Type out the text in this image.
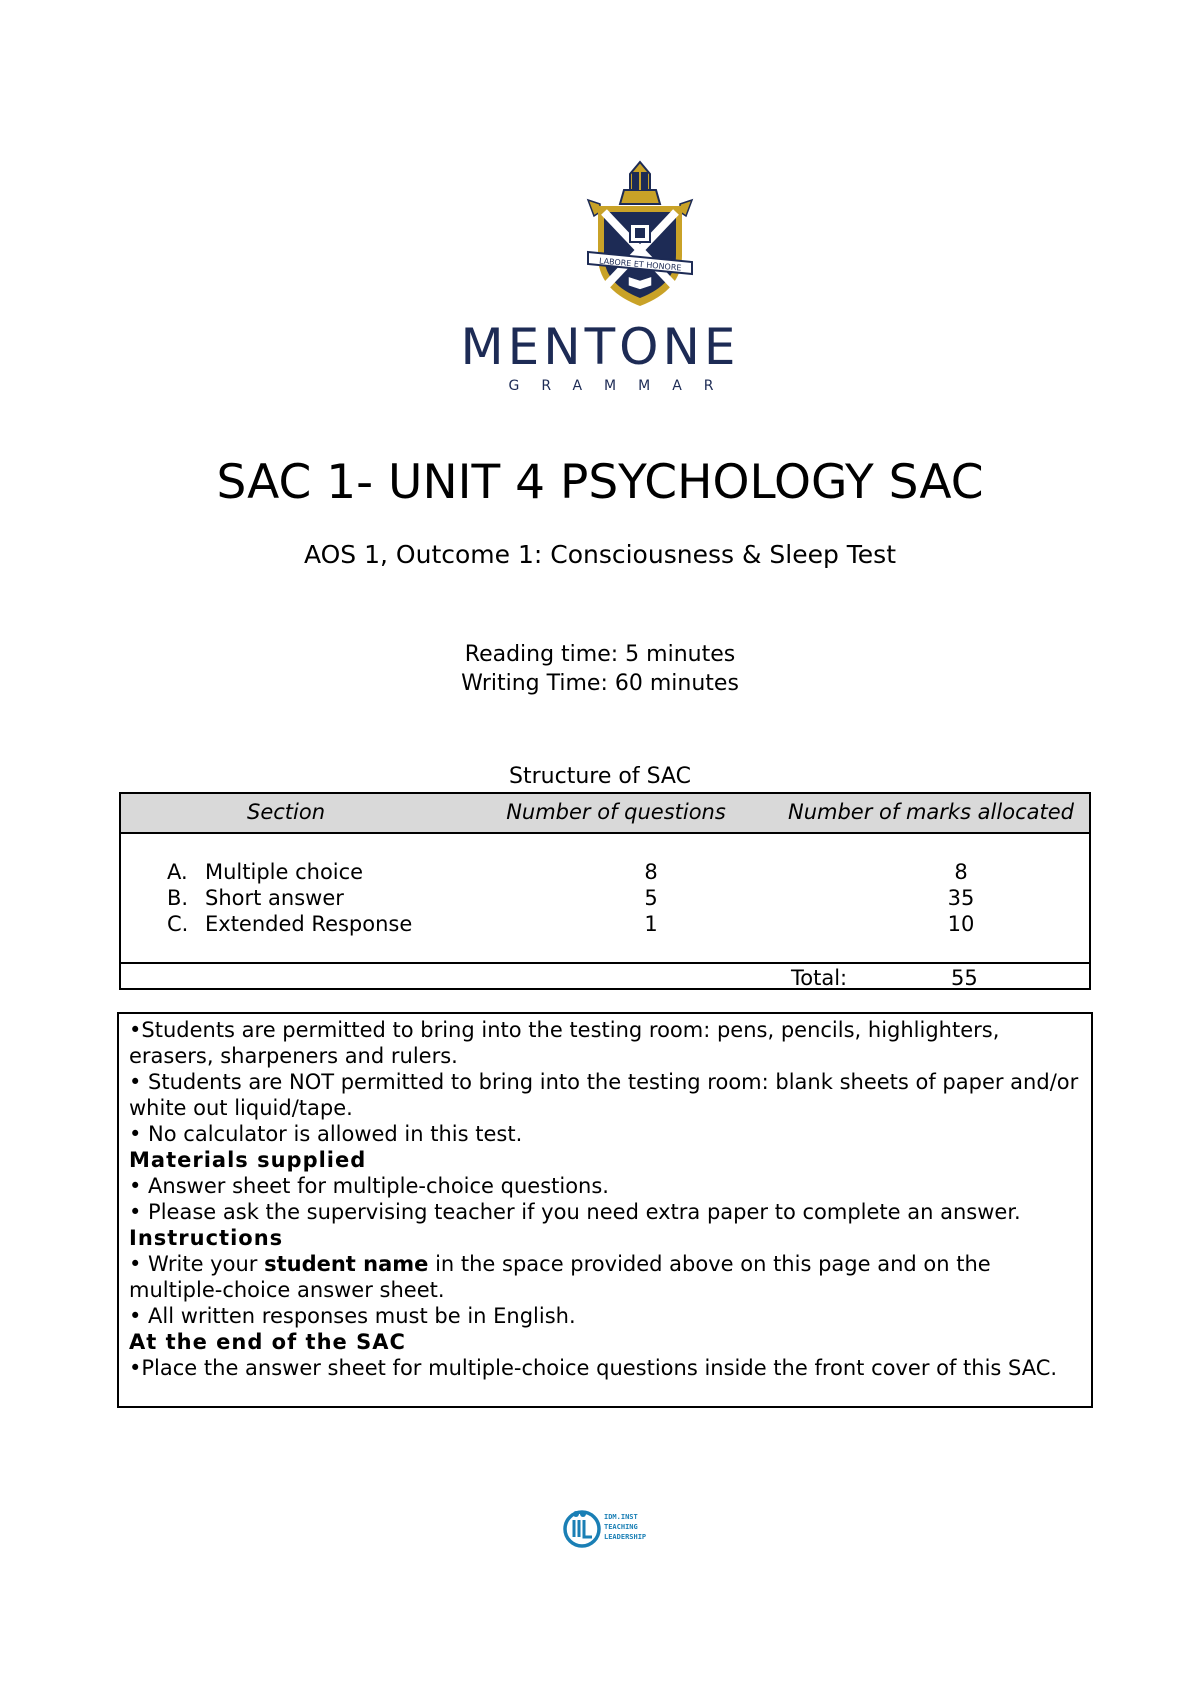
LABORE ET HONORE
MENTONE
GRAMMAR
SAC 1- UNIT 4 PSYCHOLOGY SAC
AOS 1, Outcome 1: Consciousness & Sleep Test
Reading time: 5 minutes
Writing Time: 60 minutes
Structure of SAC
Section	Number of questions	Number of marks allocated
A. Multiple choice	8	8
B. Short answer	5	35
C. Extended Response	1	10
Total:	55

•Students are permitted to bring into the testing room: pens, pencils, highlighters, erasers, sharpeners and rulers.

• Students are NOT permitted to bring into the testing room: blank sheets of paper and/or white out liquid/tape.

• No calculator is allowed in this test.

Materials supplied

• Answer sheet for multiple-choice questions.

• Please ask the supervising teacher if you need extra paper to complete an answer.

Instructions

• Write your student name in the space provided above on this page and on the multiple-choice answer sheet.

• All written responses must be in English.

At the end of the SAC

•Place the answer sheet for multiple-choice questions inside the front cover of this SAC.

IDM.INST
TEACHING
LEADERSHIP
